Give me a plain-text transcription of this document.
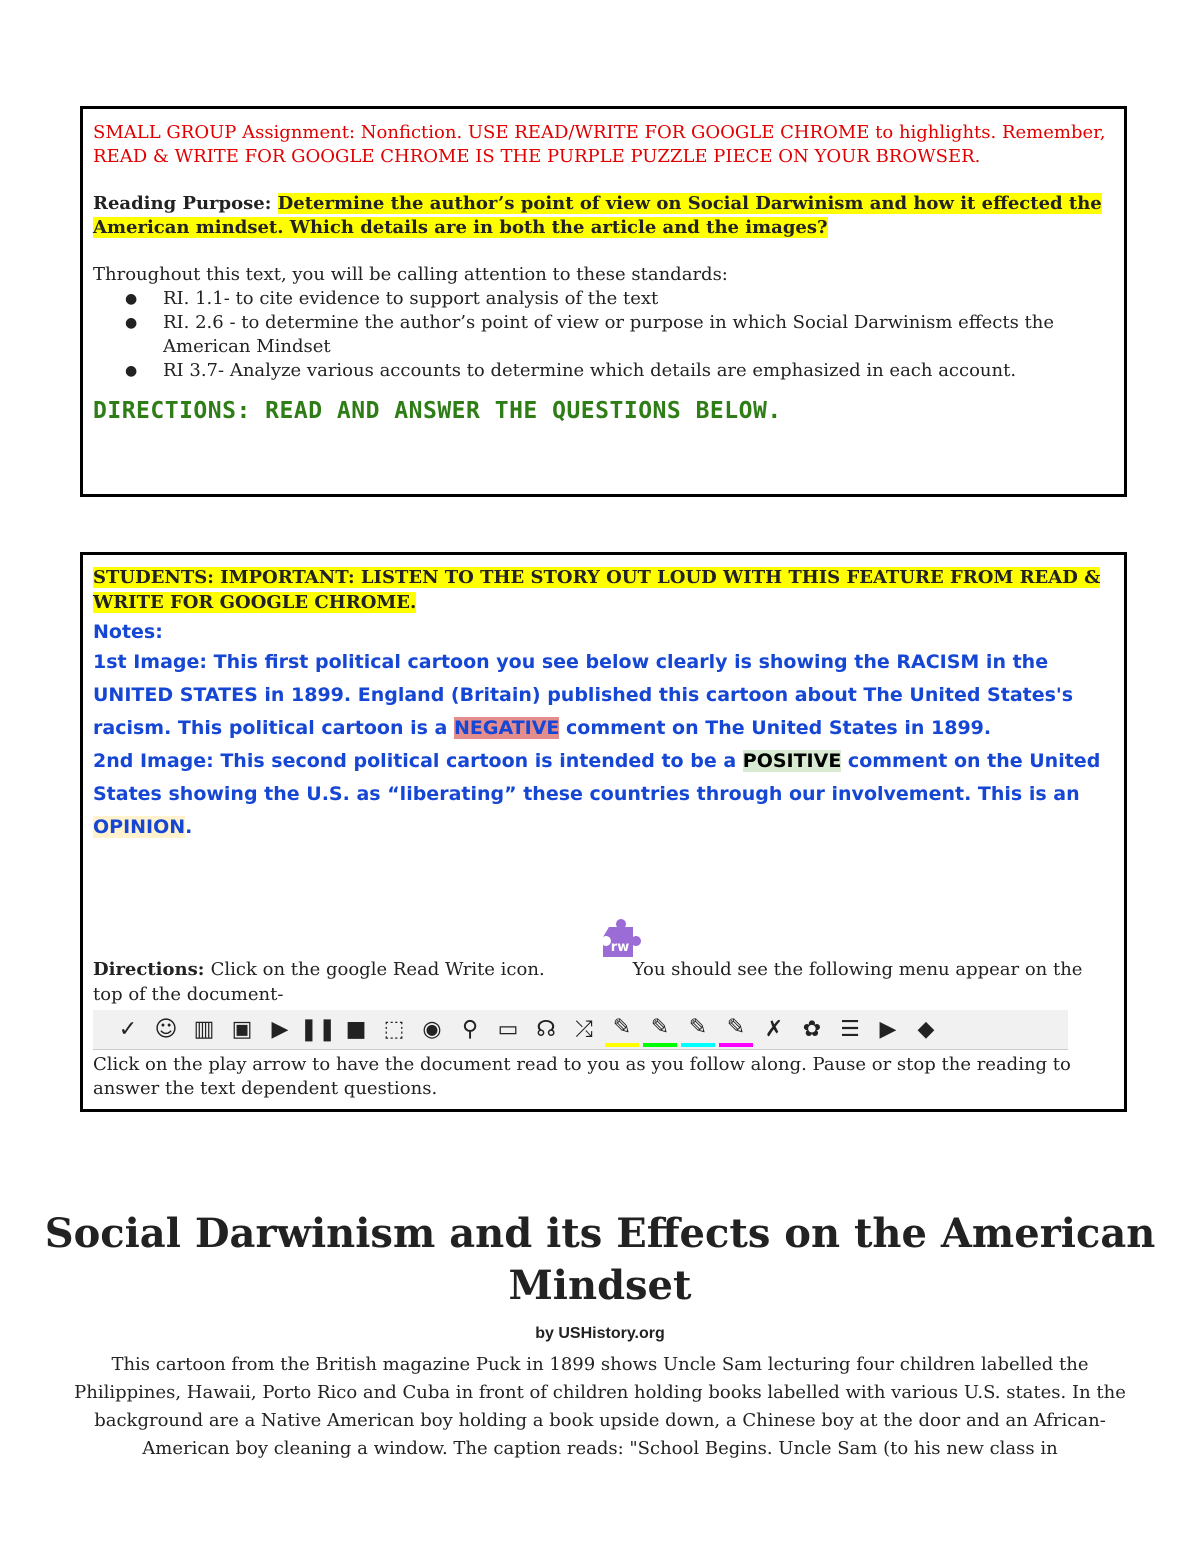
SMALL GROUP Assignment: Nonfiction. USE READ/WRITE FOR GOOGLE CHROME to highlights. Remember, READ & WRITE FOR GOOGLE CHROME IS THE PURPLE PUZZLE PIECE ON YOUR BROWSER.
Reading Purpose: Determine the author’s point of view on Social Darwinism and how it effected the American mindset. Which details are in both the article and the images?
Throughout this text, you will be calling attention to these standards:
● RI. 1.1- to cite evidence to support analysis of the text
● RI. 2.6 - to determine the author’s point of view or purpose in which Social Darwinism effects the American Mindset
● RI 3.7- Analyze various accounts to determine which details are emphasized in each account.
DIRECTIONS: READ AND ANSWER THE QUESTIONS BELOW.
STUDENTS: IMPORTANT: LISTEN TO THE STORY OUT LOUD WITH THIS FEATURE FROM READ & WRITE FOR GOOGLE CHROME.
Notes:
1st Image: This first political cartoon you see below clearly is showing the RACISM in the UNITED STATES in 1899. England (Britain) published this cartoon about The United States's racism. This political cartoon is a NEGATIVE comment on The United States in 1899.
2nd Image: This second political cartoon is intended to be a POSITIVE comment on the United States showing the U.S. as “liberating” these countries through our involvement. This is an OPINION.
rw
Directions: Click on the google Read Write icon.	You should see the following menu appear on the top of the document-
✓ ☺ ▥ ▣ ▶ ❚❚ ■ ⬚ ◉ ⚲ ▭ ☊ ⤮ ✎ ✎ ✎ ✎ ✗ ✿ ☰ ▶ ◆
Click on the play arrow to have the document read to you as you follow along. Pause or stop the reading to answer the text dependent questions.
Social Darwinism and its Effects on the American Mindset
by USHistory.org
This cartoon from the British magazine Puck in 1899 shows Uncle Sam lecturing four children labelled the Philippines, Hawaii, Porto Rico and Cuba in front of children holding books labelled with various U.S. states. In the background are a Native American boy holding a book upside down, a Chinese boy at the door and an African-American boy cleaning a window. The caption reads: "School Begins. Uncle Sam (to his new class in
